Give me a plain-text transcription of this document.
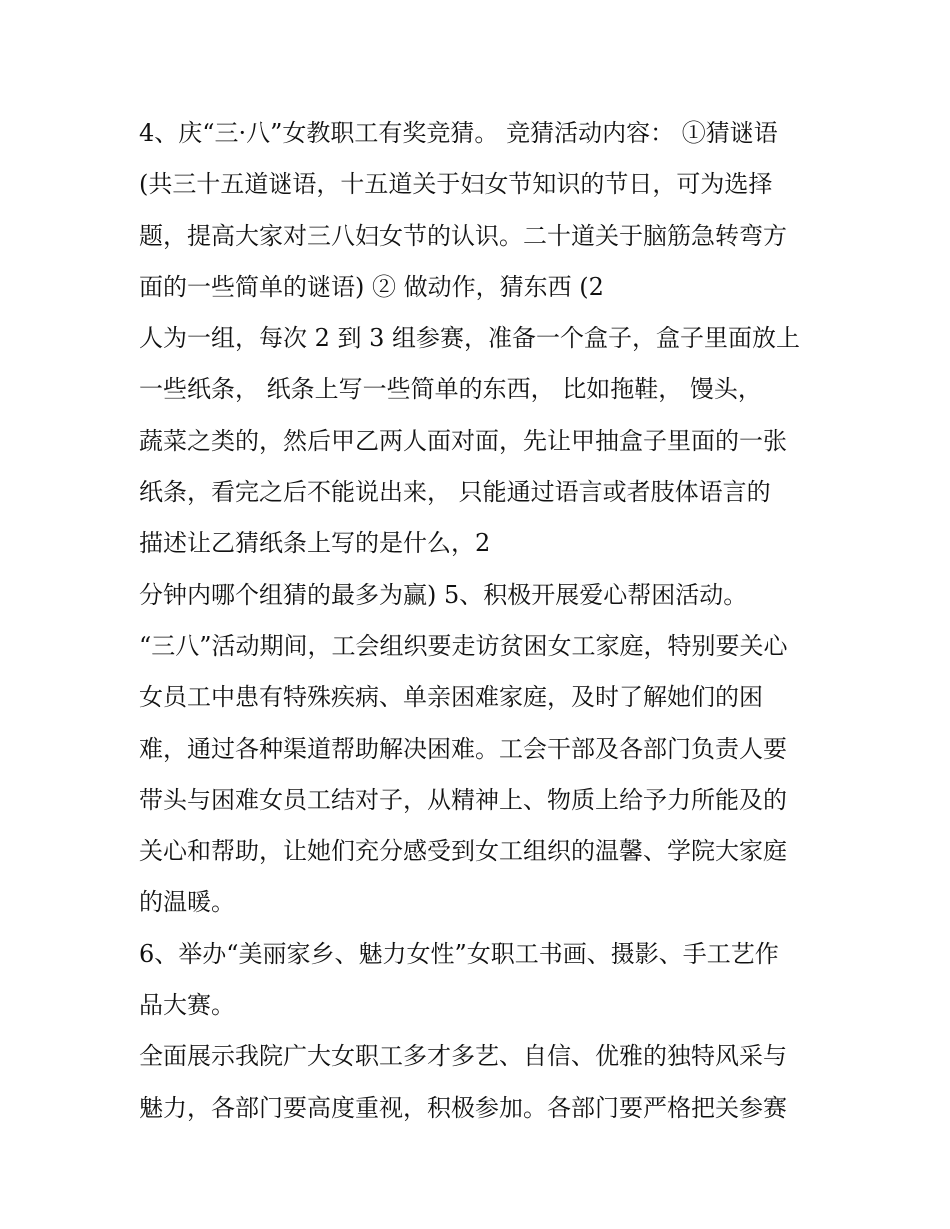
4、庆“三·八”女教职工有奖竞猜。 竞猜活动内容： ①猜谜语
(共三十五道谜语，十五道关于妇女节知识的节日，可为选择
题，提高大家对三八妇女节的认识。二十道关于脑筋急转弯方
面的一些简单的谜语) ② 做动作，猜东西 (2
人为一组，每次 2 到 3 组参赛，准备一个盒子，盒子里面放上
一些纸条， 纸条上写一些简单的东西， 比如拖鞋， 馒头，
蔬菜之类的，然后甲乙两人面对面，先让甲抽盒子里面的一张
纸条，看完之后不能说出来， 只能通过语言或者肢体语言的
描述让乙猜纸条上写的是什么，2
分钟内哪个组猜的最多为赢) 5、积极开展爱心帮困活动。
“三八”活动期间，工会组织要走访贫困女工家庭，特别要关心
女员工中患有特殊疾病、单亲困难家庭，及时了解她们的困
难，通过各种渠道帮助解决困难。工会干部及各部门负责人要
带头与困难女员工结对子，从精神上、物质上给予力所能及的
关心和帮助，让她们充分感受到女工组织的温馨、学院大家庭
的温暖。
6、举办“美丽家乡、魅力女性”女职工书画、摄影、手工艺作
品大赛。
全面展示我院广大女职工多才多艺、自信、优雅的独特风采与
魅力，各部门要高度重视，积极参加。各部门要严格把关参赛
